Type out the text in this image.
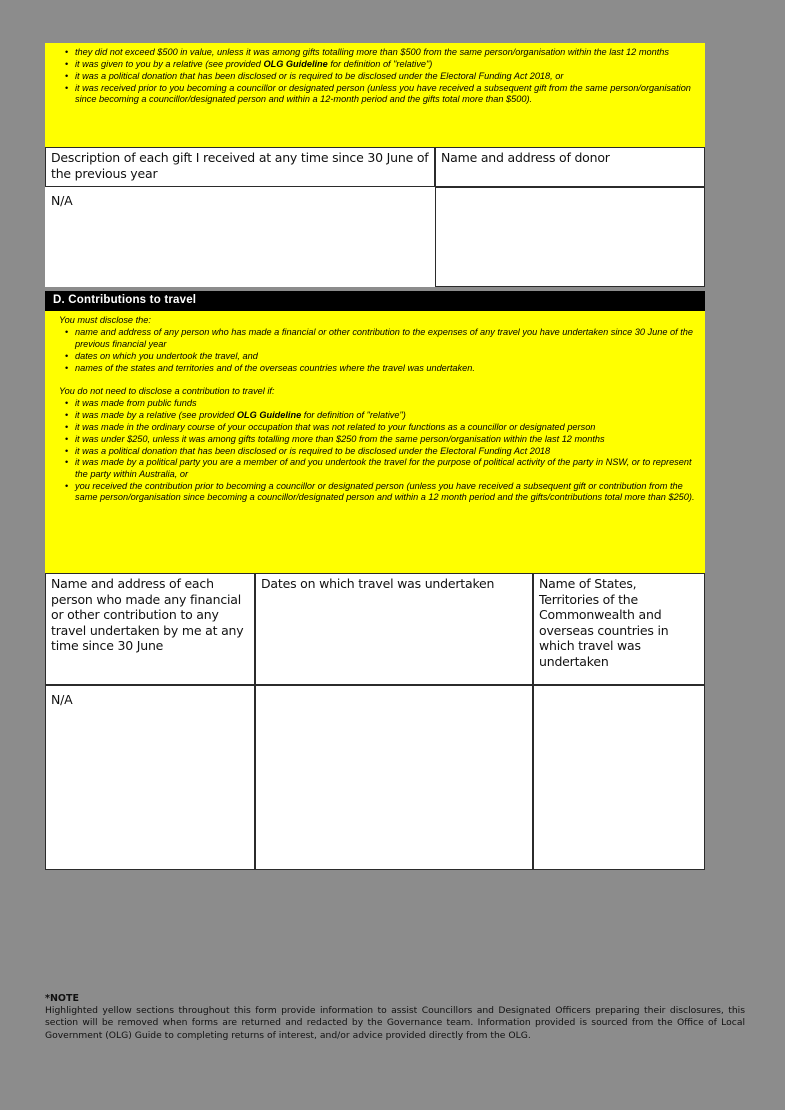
• they did not exceed $500 in value, unless it was among gifts totalling more than $500 from the same person/organisation within the last 12 months
• it was given to you by a relative (see provided OLG Guideline for definition of "relative")
• it was a political donation that has been disclosed or is required to be disclosed under the Electoral Funding Act 2018, or
• it was received prior to you becoming a councillor or designated person (unless you have received a subsequent gift from the same person/organisation since becoming a councillor/designated person and within a 12-month period and the gifts total more than $500).
Description of each gift I received at any time since 30 June of the previous year
Name and address of donor
N/A
D. Contributions to travel
You must disclose the:
• name and address of any person who has made a financial or other contribution to the expenses of any travel you have undertaken since 30 June of the previous financial year
• dates on which you undertook the travel, and
• names of the states and territories and of the overseas countries where the travel was undertaken.
You do not need to disclose a contribution to travel if:
• it was made from public funds
• it was made by a relative (see provided OLG Guideline for definition of "relative")
• it was made in the ordinary course of your occupation that was not related to your functions as a councillor or designated person
• it was under $250, unless it was among gifts totalling more than $250 from the same person/organisation within the last 12 months
• it was a political donation that has been disclosed or is required to be disclosed under the Electoral Funding Act 2018
• it was made by a political party you are a member of and you undertook the travel for the purpose of political activity of the party in NSW, or to represent the party within Australia, or
• you received the contribution prior to becoming a councillor or designated person (unless you have received a subsequent gift or contribution from the same person/organisation since becoming a councillor/designated person and within a 12 month period and the gifts/contributions total more than $250).
Name and address of each person who made any financial or other contribution to any travel undertaken by me at any time since 30 June
Dates on which travel was undertaken	Name of States, Territories of the Commonwealth and overseas countries in which travel was undertaken
N/A
*NOTE
Highlighted yellow sections throughout this form provide information to assist Councillors and Designated Officers preparing their disclosures, this section will be removed when forms are returned and redacted by the Governance team. Information provided is sourced from the Office of Local Government (OLG) Guide to completing returns of interest, and/or advice provided directly from the OLG.
